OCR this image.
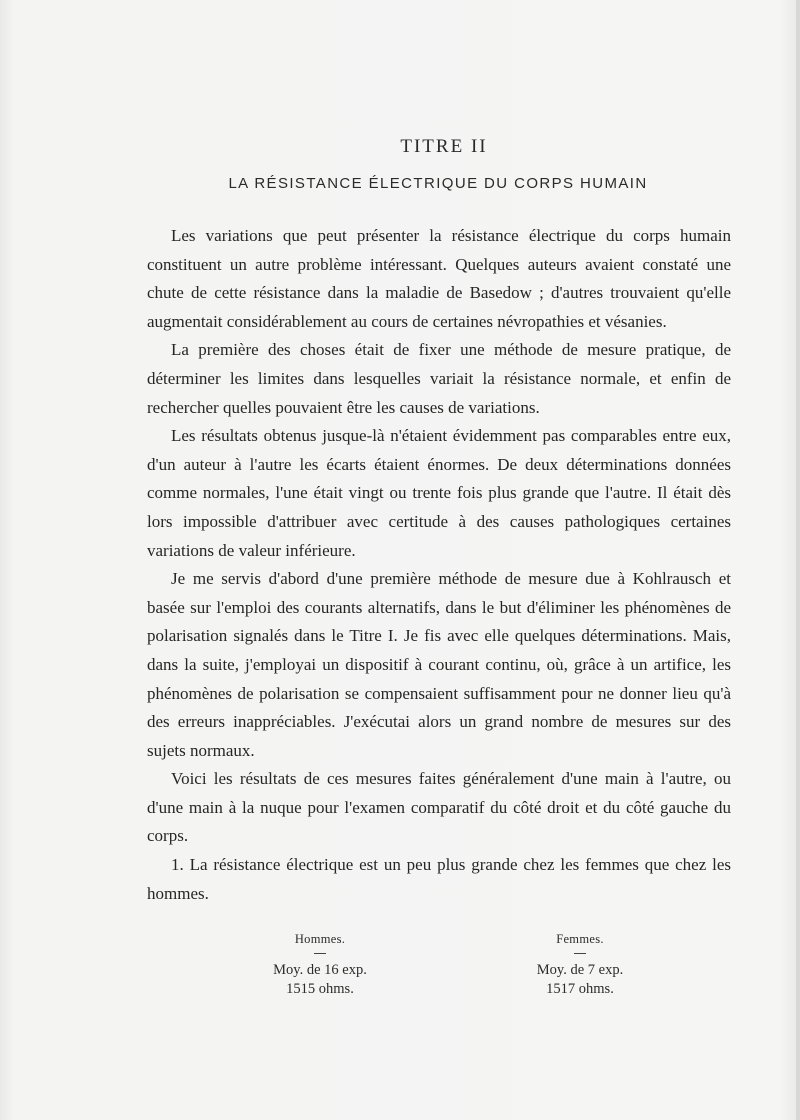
TITRE II
LA RÉSISTANCE ÉLECTRIQUE DU CORPS HUMAIN

Les variations que peut présenter la résistance électrique du corps humain constituent un autre problème intéressant. Quelques auteurs avaient constaté une chute de cette résistance dans la maladie de Basedow ; d'autres trouvaient qu'elle augmentait considérablement au cours de certaines névropathies et vésanies.

La première des choses était de fixer une méthode de mesure pratique, de déterminer les limites dans lesquelles variait la résistance normale, et enfin de rechercher quelles pouvaient être les causes de variations.

Les résultats obtenus jusque-là n'étaient évidemment pas comparables entre eux, d'un auteur à l'autre les écarts étaient énormes. De deux déterminations données comme normales, l'une était vingt ou trente fois plus grande que l'autre. Il était dès lors impossible d'attribuer avec certitude à des causes pathologiques certaines variations de valeur inférieure.

Je me servis d'abord d'une première méthode de mesure due à Kohlrausch et basée sur l'emploi des courants alternatifs, dans le but d'éliminer les phénomènes de polarisation signalés dans le Titre I. Je fis avec elle quelques déterminations. Mais, dans la suite, j'employai un dispositif à courant continu, où, grâce à un artifice, les phénomènes de polarisation se compensaient suffisamment pour ne donner lieu qu'à des erreurs inappréciables. J'exécutai alors un grand nombre de mesures sur des sujets normaux.

Voici les résultats de ces mesures faites généralement d'une main à l'autre, ou d'une main à la nuque pour l'examen comparatif du côté droit et du côté gauche du corps.

1. La résistance électrique est un peu plus grande chez les femmes que chez les hommes.

Hommes.
Moy. de 16 exp.
1515 ohms.
Femmes.
Moy. de 7 exp.
1517 ohms.
